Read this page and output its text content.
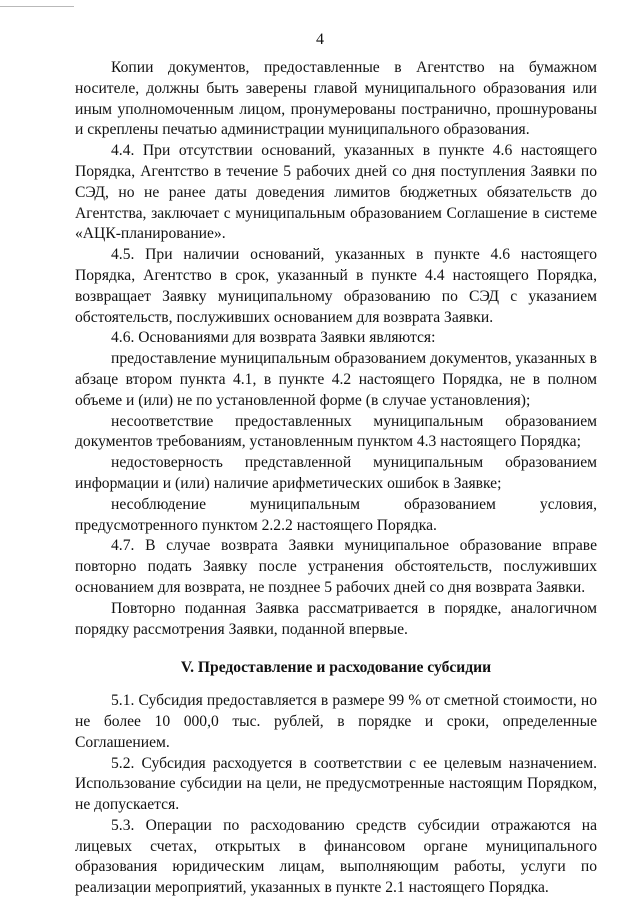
4

Копии документов, предоставленные в Агентство на бумажном носителе, должны быть заверены главой муниципального образования или иным уполномоченным лицом, пронумерованы постранично, прошнурованы и скреплены печатью администрации муниципального образования.

4.4. При отсутствии оснований, указанных в пункте 4.6 настоящего Порядка, Агентство в течение 5 рабочих дней со дня поступления Заявки по СЭД, но не ранее даты доведения лимитов бюджетных обязательств до Агентства, заключает с муниципальным образованием Соглашение в системе «АЦК-планирование».

4.5. При наличии оснований, указанных в пункте 4.6 настоящего Порядка, Агентство в срок, указанный в пункте 4.4 настоящего Порядка, возвращает Заявку муниципальному образованию по СЭД с указанием обстоятельств, послуживших основанием для возврата Заявки.

4.6. Основаниями для возврата Заявки являются:

предоставление муниципальным образованием документов, указанных в абзаце втором пункта 4.1, в пункте 4.2 настоящего Порядка, не в полном объеме и (или) не по установленной форме (в случае установления);

несоответствие предоставленных муниципальным образованием документов требованиям, установленным пунктом 4.3 настоящего Порядка;

недостоверность представленной муниципальным образованием информации и (или) наличие арифметических ошибок в Заявке;

несоблюдение муниципальным образованием условия, предусмотренного пунктом 2.2.2 настоящего Порядка.

4.7. В случае возврата Заявки муниципальное образование вправе повторно подать Заявку после устранения обстоятельств, послуживших основанием для возврата, не позднее 5 рабочих дней со дня возврата Заявки.

Повторно поданная Заявка рассматривается в порядке, аналогичном порядку рассмотрения Заявки, поданной впервые.

V. Предоставление и расходование субсидии

5.1. Субсидия предоставляется в размере 99 % от сметной стоимости, но не более 10 000,0 тыс. рублей, в порядке и сроки, определенные Соглашением.

5.2. Субсидия расходуется в соответствии с ее целевым назначением. Использование субсидии на цели, не предусмотренные настоящим Порядком, не допускается.

5.3. Операции по расходованию средств субсидии отражаются на лицевых счетах, открытых в финансовом органе муниципального образования юридическим лицам, выполняющим работы, услуги по реализации мероприятий, указанных в пункте 2.1 настоящего Порядка.
